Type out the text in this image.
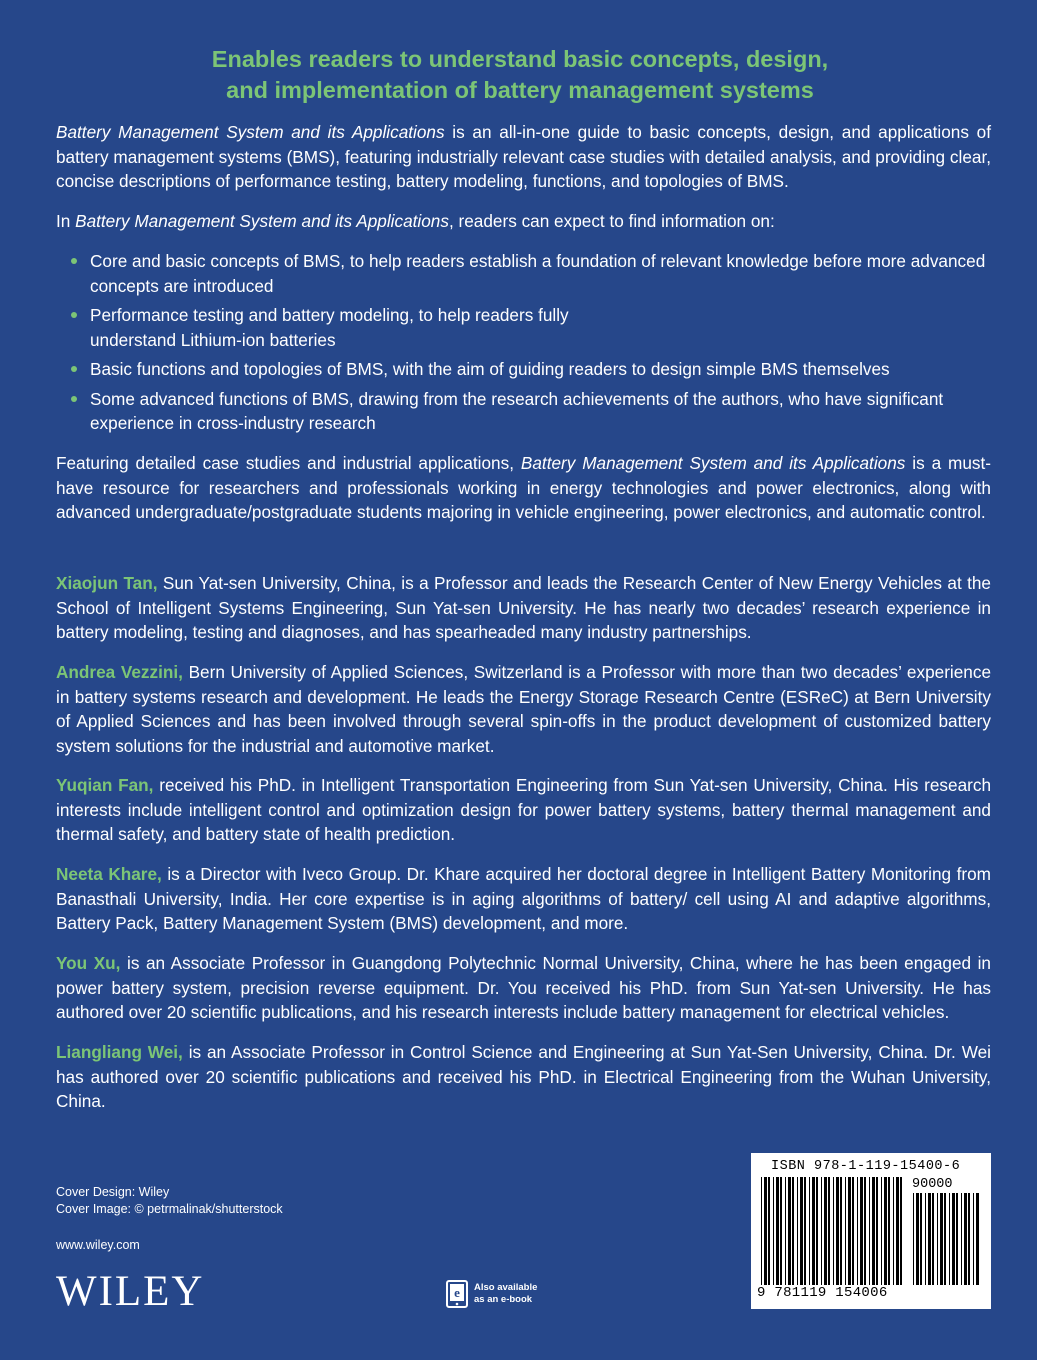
Enables readers to understand basic concepts, design,
and implementation of battery management systems
Battery Management System and its Applications is an all-in-one guide to basic concepts, design, and applications of battery management systems (BMS), featuring industrially relevant case studies with detailed analysis, and providing clear, concise descriptions of performance testing, battery modeling, functions, and topologies of BMS.
In Battery Management System and its Applications, readers can expect to find information on:
Core and basic concepts of BMS, to help readers establish a foundation of relevant knowledge before more advanced concepts are introduced
Performance testing and battery modeling, to help readers fully understand Lithium-ion batteries
Basic functions and topologies of BMS, with the aim of guiding readers to design simple BMS themselves
Some advanced functions of BMS, drawing from the research achievements of the authors, who have significant experience in cross-industry research
Featuring detailed case studies and industrial applications, Battery Management System and its Applications is a must-have resource for researchers and professionals working in energy technologies and power electronics, along with advanced undergraduate/postgraduate students majoring in vehicle engineering, power electronics, and automatic control.
Xiaojun Tan, Sun Yat-sen University, China, is a Professor and leads the Research Center of New Energy Vehicles at the School of Intelligent Systems Engineering, Sun Yat-sen University. He has nearly two decades’ research experience in battery modeling, testing and diagnoses, and has spearheaded many industry partnerships.
Andrea Vezzini, Bern University of Applied Sciences, Switzerland is a Professor with more than two decades’ experience in battery systems research and development. He leads the Energy Storage Research Centre (ESReC) at Bern University of Applied Sciences and has been involved through several spin-offs in the product development of customized battery system solutions for the industrial and automotive market.
Yuqian Fan, received his PhD. in Intelligent Transportation Engineering from Sun Yat-sen University, China. His research interests include intelligent control and optimization design for power battery systems, battery thermal management and thermal safety, and battery state of health prediction.
Neeta Khare, is a Director with Iveco Group. Dr. Khare acquired her doctoral degree in Intelligent Battery Monitoring from Banasthali University, India. Her core expertise is in aging algorithms of battery/ cell using AI and adaptive algorithms, Battery Pack, Battery Management System (BMS) development, and more.
You Xu, is an Associate Professor in Guangdong Polytechnic Normal University, China, where he has been engaged in power battery system, precision reverse equipment. Dr. You received his PhD. from Sun Yat-sen University. He has authored over 20 scientific publications, and his research interests include battery management for electrical vehicles.
Liangliang Wei, is an Associate Professor in Control Science and Engineering at Sun Yat-Sen University, China. Dr. Wei has authored over 20 scientific publications and received his PhD. in Electrical Engineering from the Wuhan University, China.
Cover Design: Wiley
Cover Image: © petrmalinak/shutterstock
www.wiley.com
WILEY	e Also available
as an e-book
ISBN 978-1-119-15400-6
90000
9 781119 154006
